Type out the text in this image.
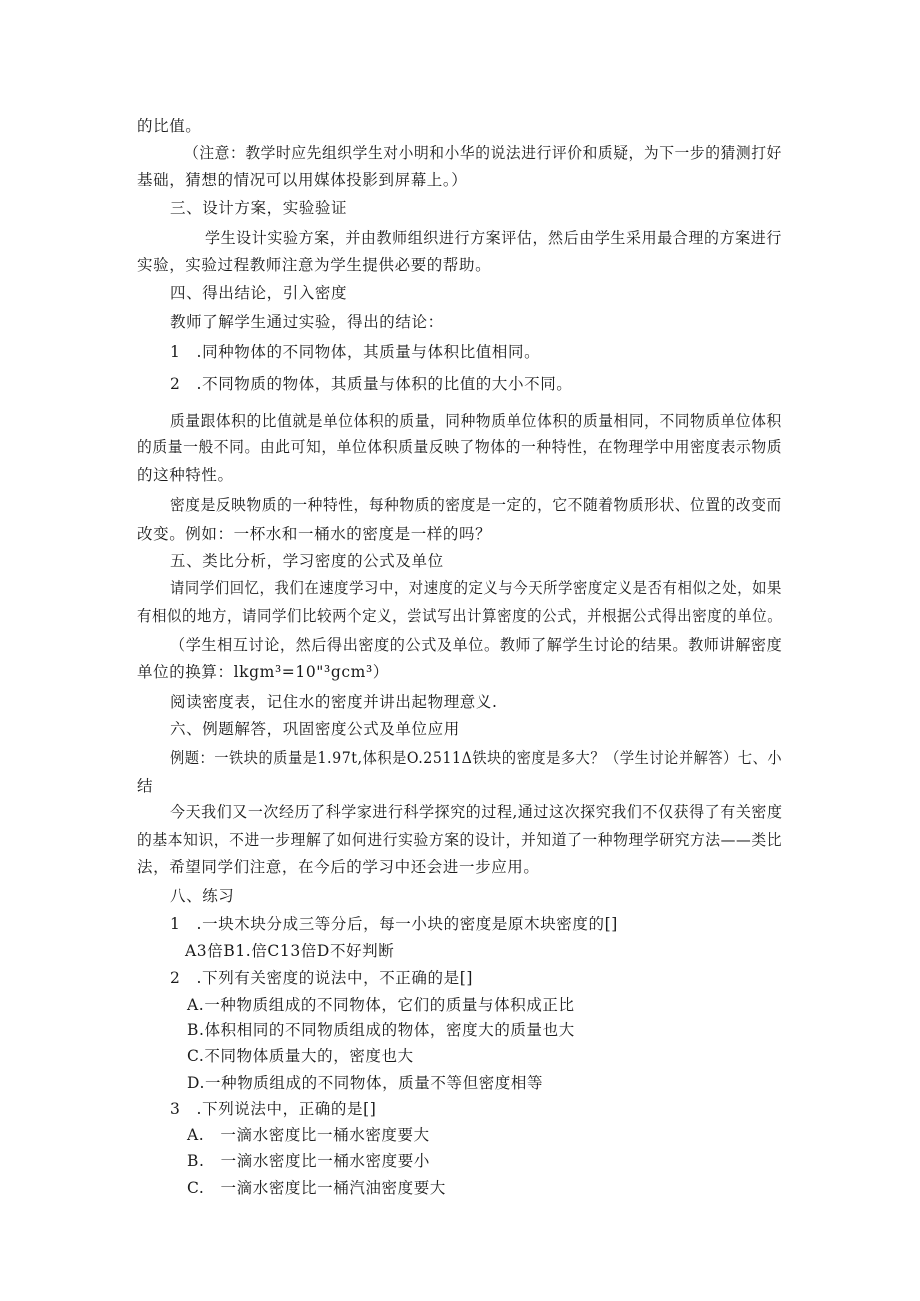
的比值。
（注意：教学时应先组织学生对小明和小华的说法进行评价和质疑，为下一步的猜测打好
基础，猜想的情况可以用媒体投影到屏幕上。）
三、设计方案，实验验证
学生设计实验方案，并由教师组织进行方案评估，然后由学生采用最合理的方案进行
实验，实验过程教师注意为学生提供必要的帮助。
四、得出结论，引入密度
教师了解学生通过实验，得出的结论：
1　.同种物体的不同物体，其质量与体积比值相同。
2　.不同物质的物体，其质量与体积的比值的大小不同。
质量跟体积的比值就是单位体积的质量，同种物质单位体积的质量相同，不同物质单位体积
的质量一般不同。由此可知，单位体积质量反映了物体的一种特性，在物理学中用密度表示物质
的这种特性。
密度是反映物质的一种特性，每种物质的密度是一定的，它不随着物质形状、位置的改变而
改变。例如：一杯水和一桶水的密度是一样的吗？
五、类比分析，学习密度的公式及单位
请同学们回忆，我们在速度学习中，对速度的定义与今天所学密度定义是否有相似之处，如果
有相似的地方，请同学们比较两个定义，尝试写出计算密度的公式，并根据公式得出密度的单位。
（学生相互讨论，然后得出密度的公式及单位。教师了解学生讨论的结果。教师讲解密度
单位的换算：lkgm³=10"³gcm³）
阅读密度表，记住水的密度并讲出起物理意义.
六、例题解答，巩固密度公式及单位应用
例题：一铁块的质量是1.97t,体积是O.2511Δ铁块的密度是多大？（学生讨论并解答）七、小
结
今天我们又一次经历了科学家进行科学探究的过程,通过这次探究我们不仅获得了有关密度
的基本知识，不进一步理解了如何进行实验方案的设计，并知道了一种物理学研究方法——类比
法，希望同学们注意，在今后的学习中还会进一步应用。
八、练习
1　.一块木块分成三等分后，每一小块的密度是原木块密度的[]
A3倍B1.倍C13倍D不好判断
2　.下列有关密度的说法中，不正确的是[]
A.一种物质组成的不同物体，它们的质量与体积成正比
B.体积相同的不同物质组成的物体，密度大的质量也大
C.不同物体质量大的，密度也大
D.一种物质组成的不同物体，质量不等但密度相等
3　.下列说法中，正确的是[]
A.　一滴水密度比一桶水密度要大
B.　一滴水密度比一桶水密度要小
C.　一滴水密度比一桶汽油密度要大
